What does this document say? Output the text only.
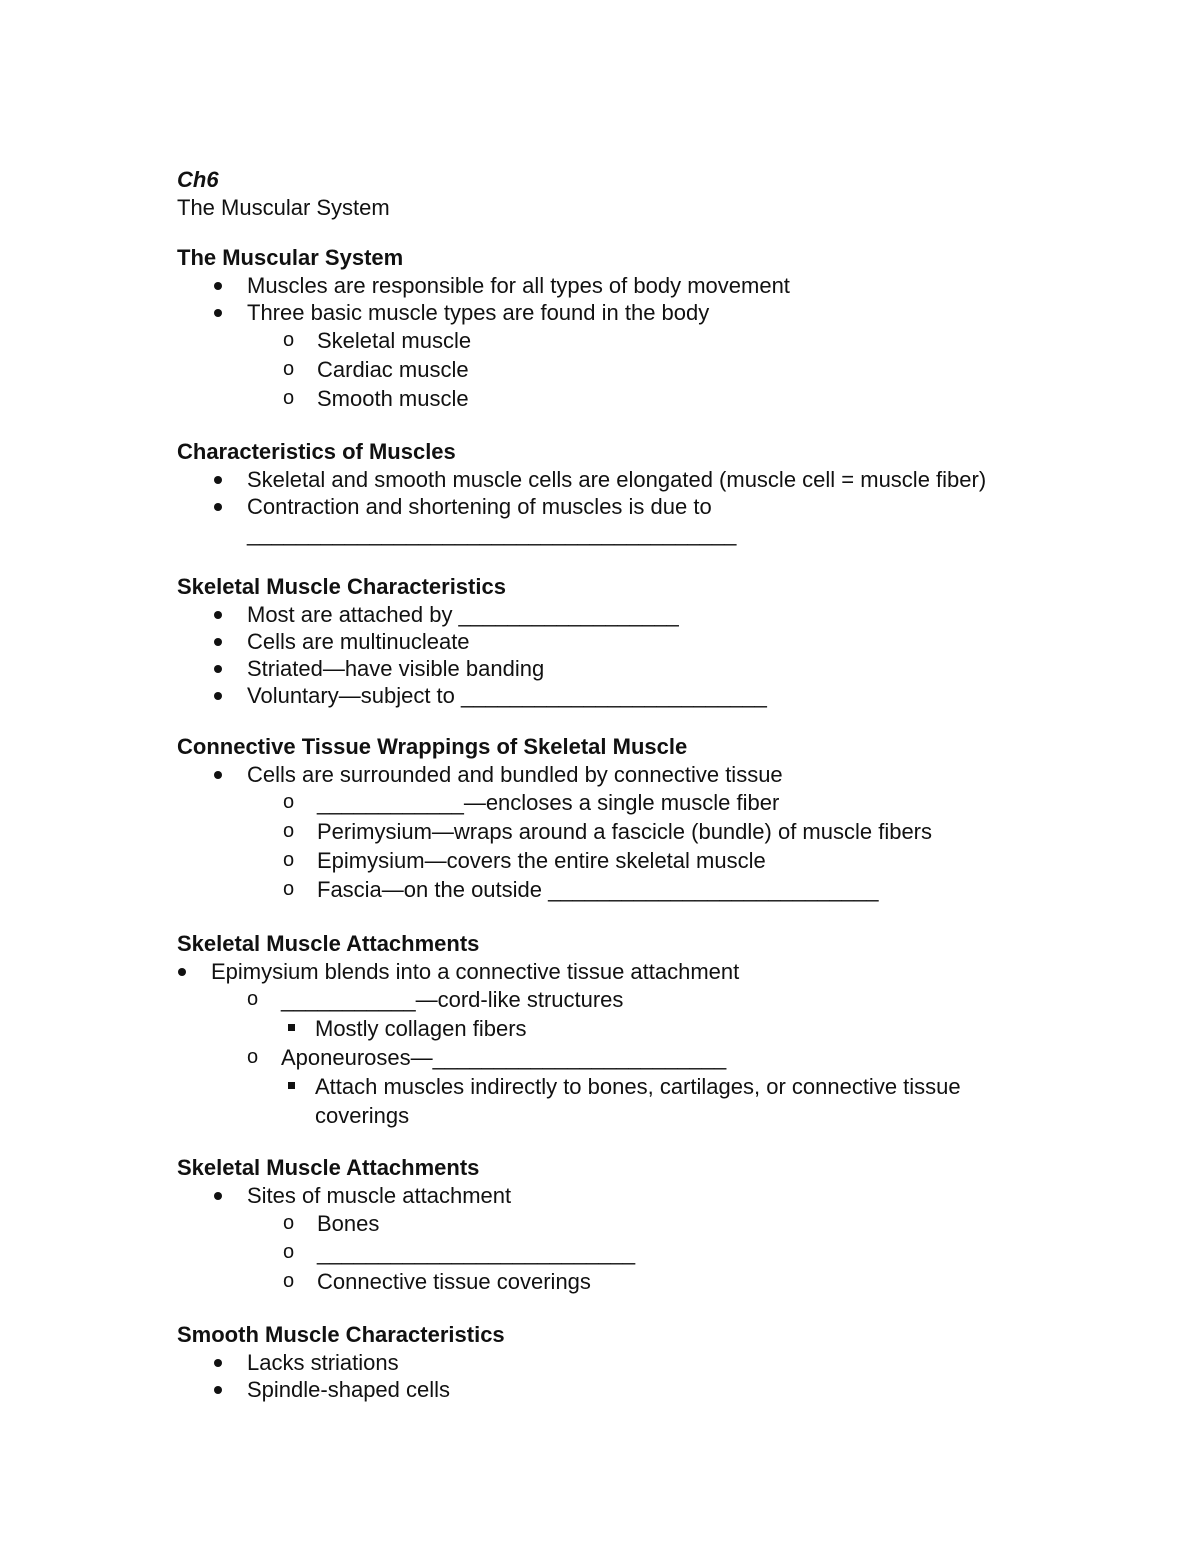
Ch6

The Muscular System

The Muscular System
Muscles are responsible for all types of body movement
Three basic muscle types are found in the body
o Skeletal muscle
o Cardiac muscle
o Smooth muscle
Characteristics of Muscles
Skeletal and smooth muscle cells are elongated (muscle cell = muscle fiber)
Contraction and shortening of muscles is due to ________________________________________
Skeletal Muscle Characteristics
Most are attached by __________________
Cells are multinucleate
Striated—have visible banding
Voluntary—subject to _________________________
Connective Tissue Wrappings of Skeletal Muscle
Cells are surrounded and bundled by connective tissue
o ____________—encloses a single muscle fiber
o Perimysium—wraps around a fascicle (bundle) of muscle fibers
o Epimysium—covers the entire skeletal muscle
o Fascia—on the outside ___________________________
Skeletal Muscle Attachments
Epimysium blends into a connective tissue attachment
o ___________—cord-like structures
Mostly collagen fibers
o Aponeuroses—________________________
Attach muscles indirectly to bones, cartilages, or connective tissue coverings
Skeletal Muscle Attachments
Sites of muscle attachment
o Bones
o __________________________
o Connective tissue coverings
Smooth Muscle Characteristics
Lacks striations
Spindle-shaped cells
